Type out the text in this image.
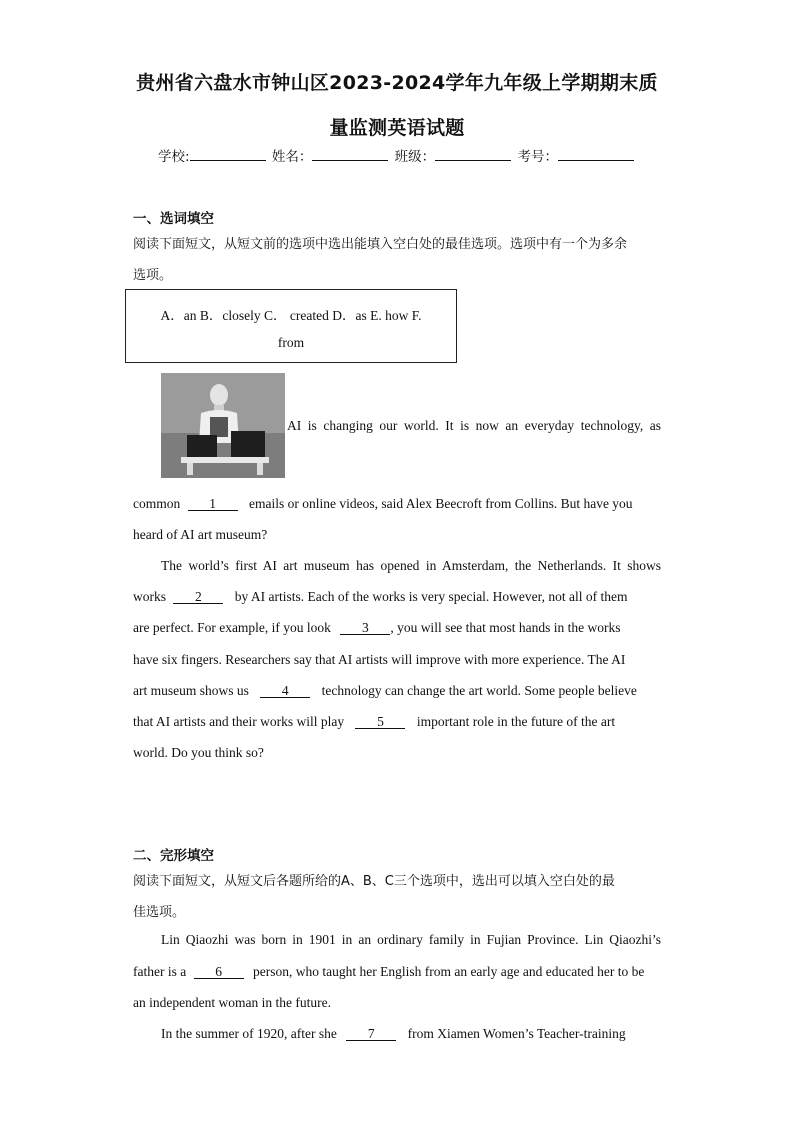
贵州省六盘水市钟山区2023-2024学年九年级上学期期末质
量监测英语试题
学校:	姓名：	班级：	考号：
一、选词填空
阅读下面短文，从短文前的选项中选出能填入空白处的最佳选项。选项中有一个为多余
选项。
A．an B．closely C． created D．as E. how F.
from
AI is changing our world. It is now an everyday technology, as
common 1 emails or online videos, said Alex Beecroft from Collins. But have you
heard of AI art museum?
The world’s first AI art museum has opened in Amsterdam, the Netherlands. It shows
works 2 by AI artists. Each of the works is very special. However, not all of them
are perfect. For example, if you look 3 , you will see that most hands in the works
have six fingers. Researchers say that AI artists will improve with more experience. The AI
art museum shows us 4 technology can change the art world. Some people believe
that AI artists and their works will play 5 important role in the future of the art
world. Do you think so?
二、完形填空
阅读下面短文，从短文后各题所给的A、B、C三个选项中，选出可以填入空白处的最
佳选项。
Lin Qiaozhi was born in 1901 in an ordinary family in Fujian Province. Lin Qiaozhi’s
father is a 6 person, who taught her English from an early age and educated her to be
an independent woman in the future.
In the summer of 1920, after she 7 from Xiamen Women’s Teacher-training
